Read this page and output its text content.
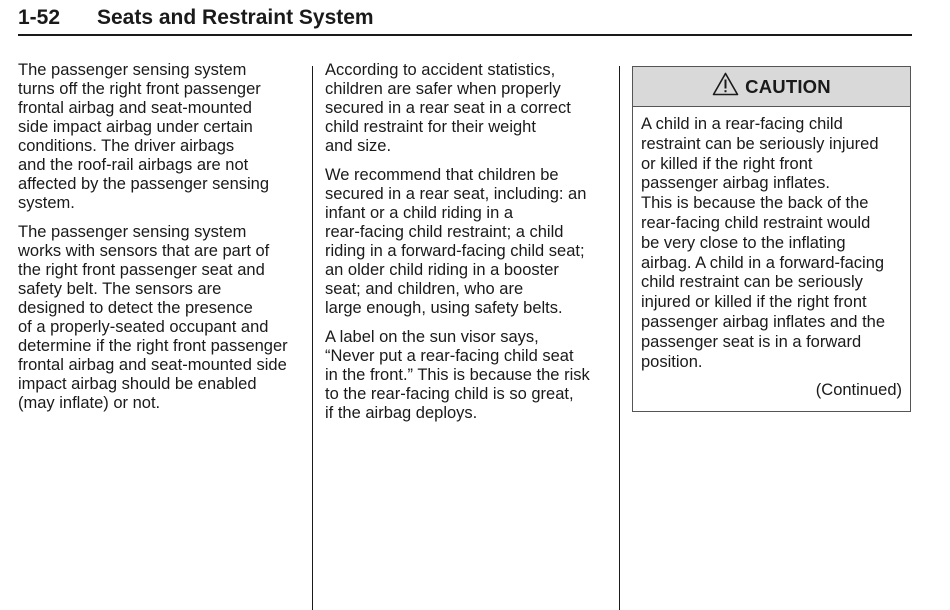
1-52 Seats and Restraint System

The passenger sensing system
turns off the right front passenger
frontal airbag and seat-mounted
side impact airbag under certain
conditions. The driver airbags
and the roof-rail airbags are not
affected by the passenger sensing
system.

The passenger sensing system
works with sensors that are part of
the right front passenger seat and
safety belt. The sensors are
designed to detect the presence
of a properly-seated occupant and
determine if the right front passenger
frontal airbag and seat-mounted side
impact airbag should be enabled
(may inflate) or not.

According to accident statistics,
children are safer when properly
secured in a rear seat in a correct
child restraint for their weight
and size.

We recommend that children be
secured in a rear seat, including: an
infant or a child riding in a
rear-facing child restraint; a child
riding in a forward-facing child seat;
an older child riding in a booster
seat; and children, who are
large enough, using safety belts.

A label on the sun visor says,
“Never put a rear-facing child seat
in the front.” This is because the risk
to the rear-facing child is so great,
if the airbag deploys.

CAUTION
A child in a rear-facing child
restraint can be seriously injured
or killed if the right front
passenger airbag inflates.
This is because the back of the
rear-facing child restraint would
be very close to the inflating
airbag. A child in a forward-facing
child restraint can be seriously
injured or killed if the right front
passenger airbag inflates and the
passenger seat is in a forward
position.
(Continued)
